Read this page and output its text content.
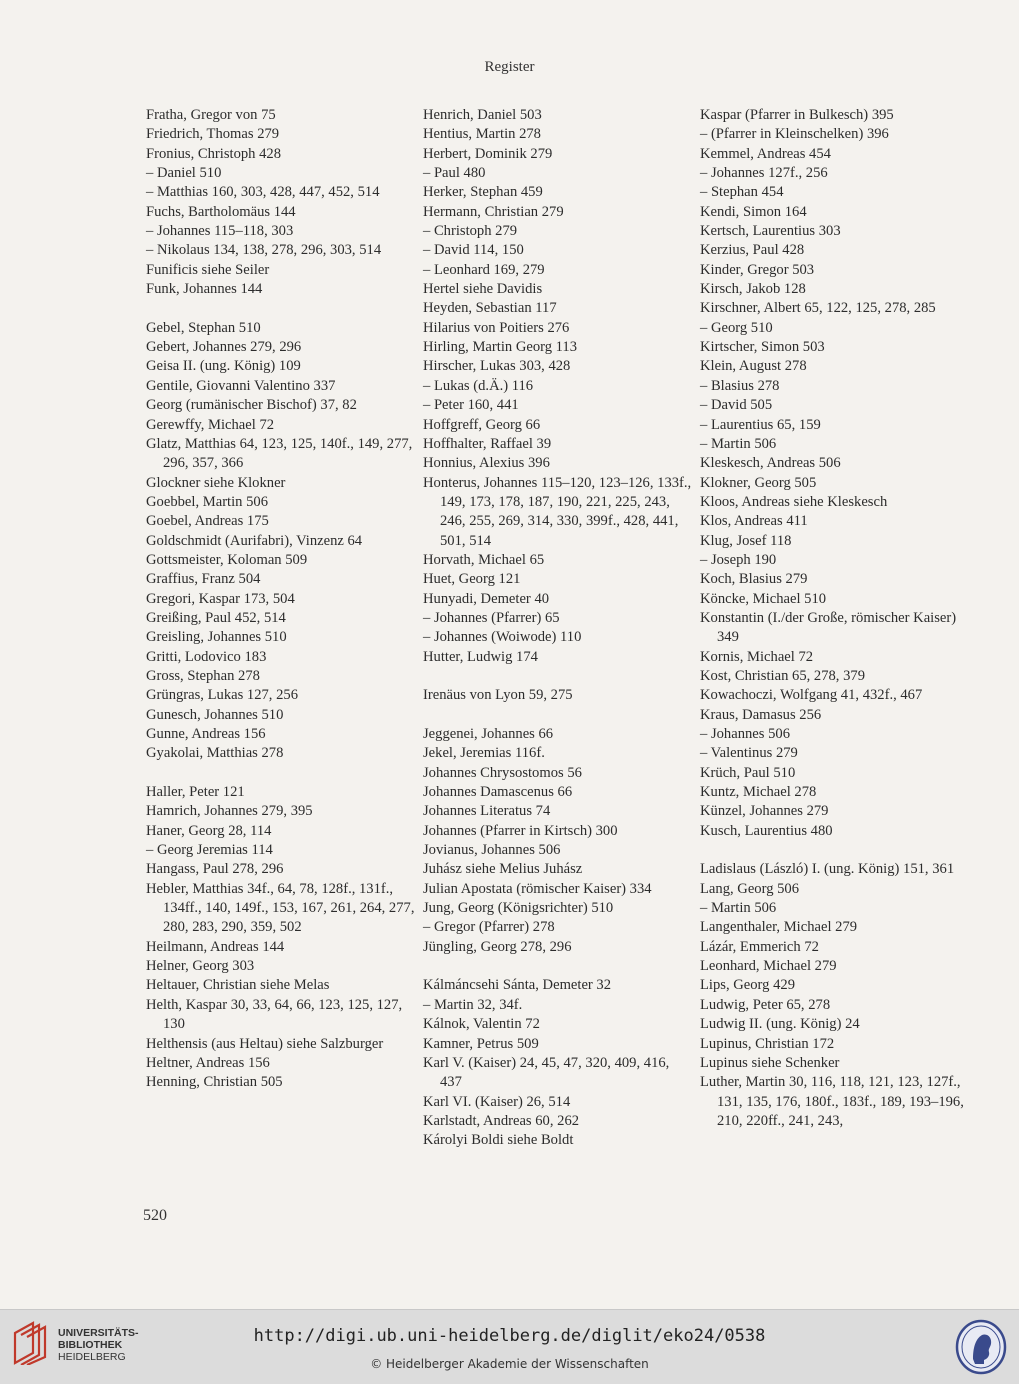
Register
Fratha, Gregor von 75
Friedrich, Thomas 279
Fronius, Christoph 428
– Daniel 510
– Matthias 160, 303, 428, 447, 452, 514
Fuchs, Bartholomäus 144
– Johannes 115–118, 303
– Nikolaus 134, 138, 278, 296, 303, 514
Funificis siehe Seiler
Funk, Johannes 144
Gebel, Stephan 510
Gebert, Johannes 279, 296
Geisa II. (ung. König) 109
Gentile, Giovanni Valentino 337
Georg (rumänischer Bischof) 37, 82
Gerewffy, Michael 72
Glatz, Matthias 64, 123, 125, 140f., 149, 277, 296, 357, 366
Glockner siehe Klokner
Goebbel, Martin 506
Goebel, Andreas 175
Goldschmidt (Aurifabri), Vinzenz 64
Gottsmeister, Koloman 509
Graffius, Franz 504
Gregori, Kaspar 173, 504
Greißing, Paul 452, 514
Greisling, Johannes 510
Gritti, Lodovico 183
Gross, Stephan 278
Grüngras, Lukas 127, 256
Gunesch, Johannes 510
Gunne, Andreas 156
Gyakolai, Matthias 278
Haller, Peter 121
Hamrich, Johannes 279, 395
Haner, Georg 28, 114
– Georg Jeremias 114
Hangass, Paul 278, 296
Hebler, Matthias 34f., 64, 78, 128f., 131f., 134ff., 140, 149f., 153, 167, 261, 264, 277, 280, 283, 290, 359, 502
Heilmann, Andreas 144
Helner, Georg 303
Heltauer, Christian siehe Melas
Helth, Kaspar 30, 33, 64, 66, 123, 125, 127, 130
Helthensis (aus Heltau) siehe Salzburger
Heltner, Andreas 156
Henning, Christian 505
Henrich, Daniel 503
Hentius, Martin 278
Herbert, Dominik 279
– Paul 480
Herker, Stephan 459
Hermann, Christian 279
– Christoph 279
– David 114, 150
– Leonhard 169, 279
Hertel siehe Davidis
Heyden, Sebastian 117
Hilarius von Poitiers 276
Hirling, Martin Georg 113
Hirscher, Lukas 303, 428
– Lukas (d.Ä.) 116
– Peter 160, 441
Hoffgreff, Georg 66
Hoffhalter, Raffael 39
Honnius, Alexius 396
Honterus, Johannes 115–120, 123–126, 133f., 149, 173, 178, 187, 190, 221, 225, 243, 246, 255, 269, 314, 330, 399f., 428, 441, 501, 514
Horvath, Michael 65
Huet, Georg 121
Hunyadi, Demeter 40
– Johannes (Pfarrer) 65
– Johannes (Woiwode) 110
Hutter, Ludwig 174
Irenäus von Lyon 59, 275
Jeggenei, Johannes 66
Jekel, Jeremias 116f.
Johannes Chrysostomos 56
Johannes Damascenus 66
Johannes Literatus 74
Johannes (Pfarrer in Kirtsch) 300
Jovianus, Johannes 506
Juhász siehe Melius Juhász
Julian Apostata (römischer Kaiser) 334
Jung, Georg (Königsrichter) 510
– Gregor (Pfarrer) 278
Jüngling, Georg 278, 296
Kálmáncsehi Sánta, Demeter 32
– Martin 32, 34f.
Kálnok, Valentin 72
Kamner, Petrus 509
Karl V. (Kaiser) 24, 45, 47, 320, 409, 416, 437
Karl VI. (Kaiser) 26, 514
Karlstadt, Andreas 60, 262
Károlyi Boldi siehe Boldt
Kaspar (Pfarrer in Bulkesch) 395
– (Pfarrer in Kleinschelken) 396
Kemmel, Andreas 454
– Johannes 127f., 256
– Stephan 454
Kendi, Simon 164
Kertsch, Laurentius 303
Kerzius, Paul 428
Kinder, Gregor 503
Kirsch, Jakob 128
Kirschner, Albert 65, 122, 125, 278, 285
– Georg 510
Kirtscher, Simon 503
Klein, August 278
– Blasius 278
– David 505
– Laurentius 65, 159
– Martin 506
Kleskesch, Andreas 506
Klokner, Georg 505
Kloos, Andreas siehe Kleskesch
Klos, Andreas 411
Klug, Josef 118
– Joseph 190
Koch, Blasius 279
Köncke, Michael 510
Konstantin (I./der Große, römischer Kaiser) 349
Kornis, Michael 72
Kost, Christian 65, 278, 379
Kowachoczi, Wolfgang 41, 432f., 467
Kraus, Damasus 256
– Johannes 506
– Valentinus 279
Krüch, Paul 510
Kuntz, Michael 278
Künzel, Johannes 279
Kusch, Laurentius 480
Ladislaus (László) I. (ung. König) 151, 361
Lang, Georg 506
– Martin 506
Langenthaler, Michael 279
Lázár, Emmerich 72
Leonhard, Michael 279
Lips, Georg 429
Ludwig, Peter 65, 278
Ludwig II. (ung. König) 24
Lupinus, Christian 172
Lupinus siehe Schenker
Luther, Martin 30, 116, 118, 121, 123, 127f., 131, 135, 176, 180f., 183f., 189, 193–196, 210, 220ff., 241, 243,
520
UNIVERSITÄTS-
BIBLIOTHEK
HEIDELBERG
http://digi.ub.uni-heidelberg.de/diglit/eko24/0538
© Heidelberger Akademie der Wissenschaften
